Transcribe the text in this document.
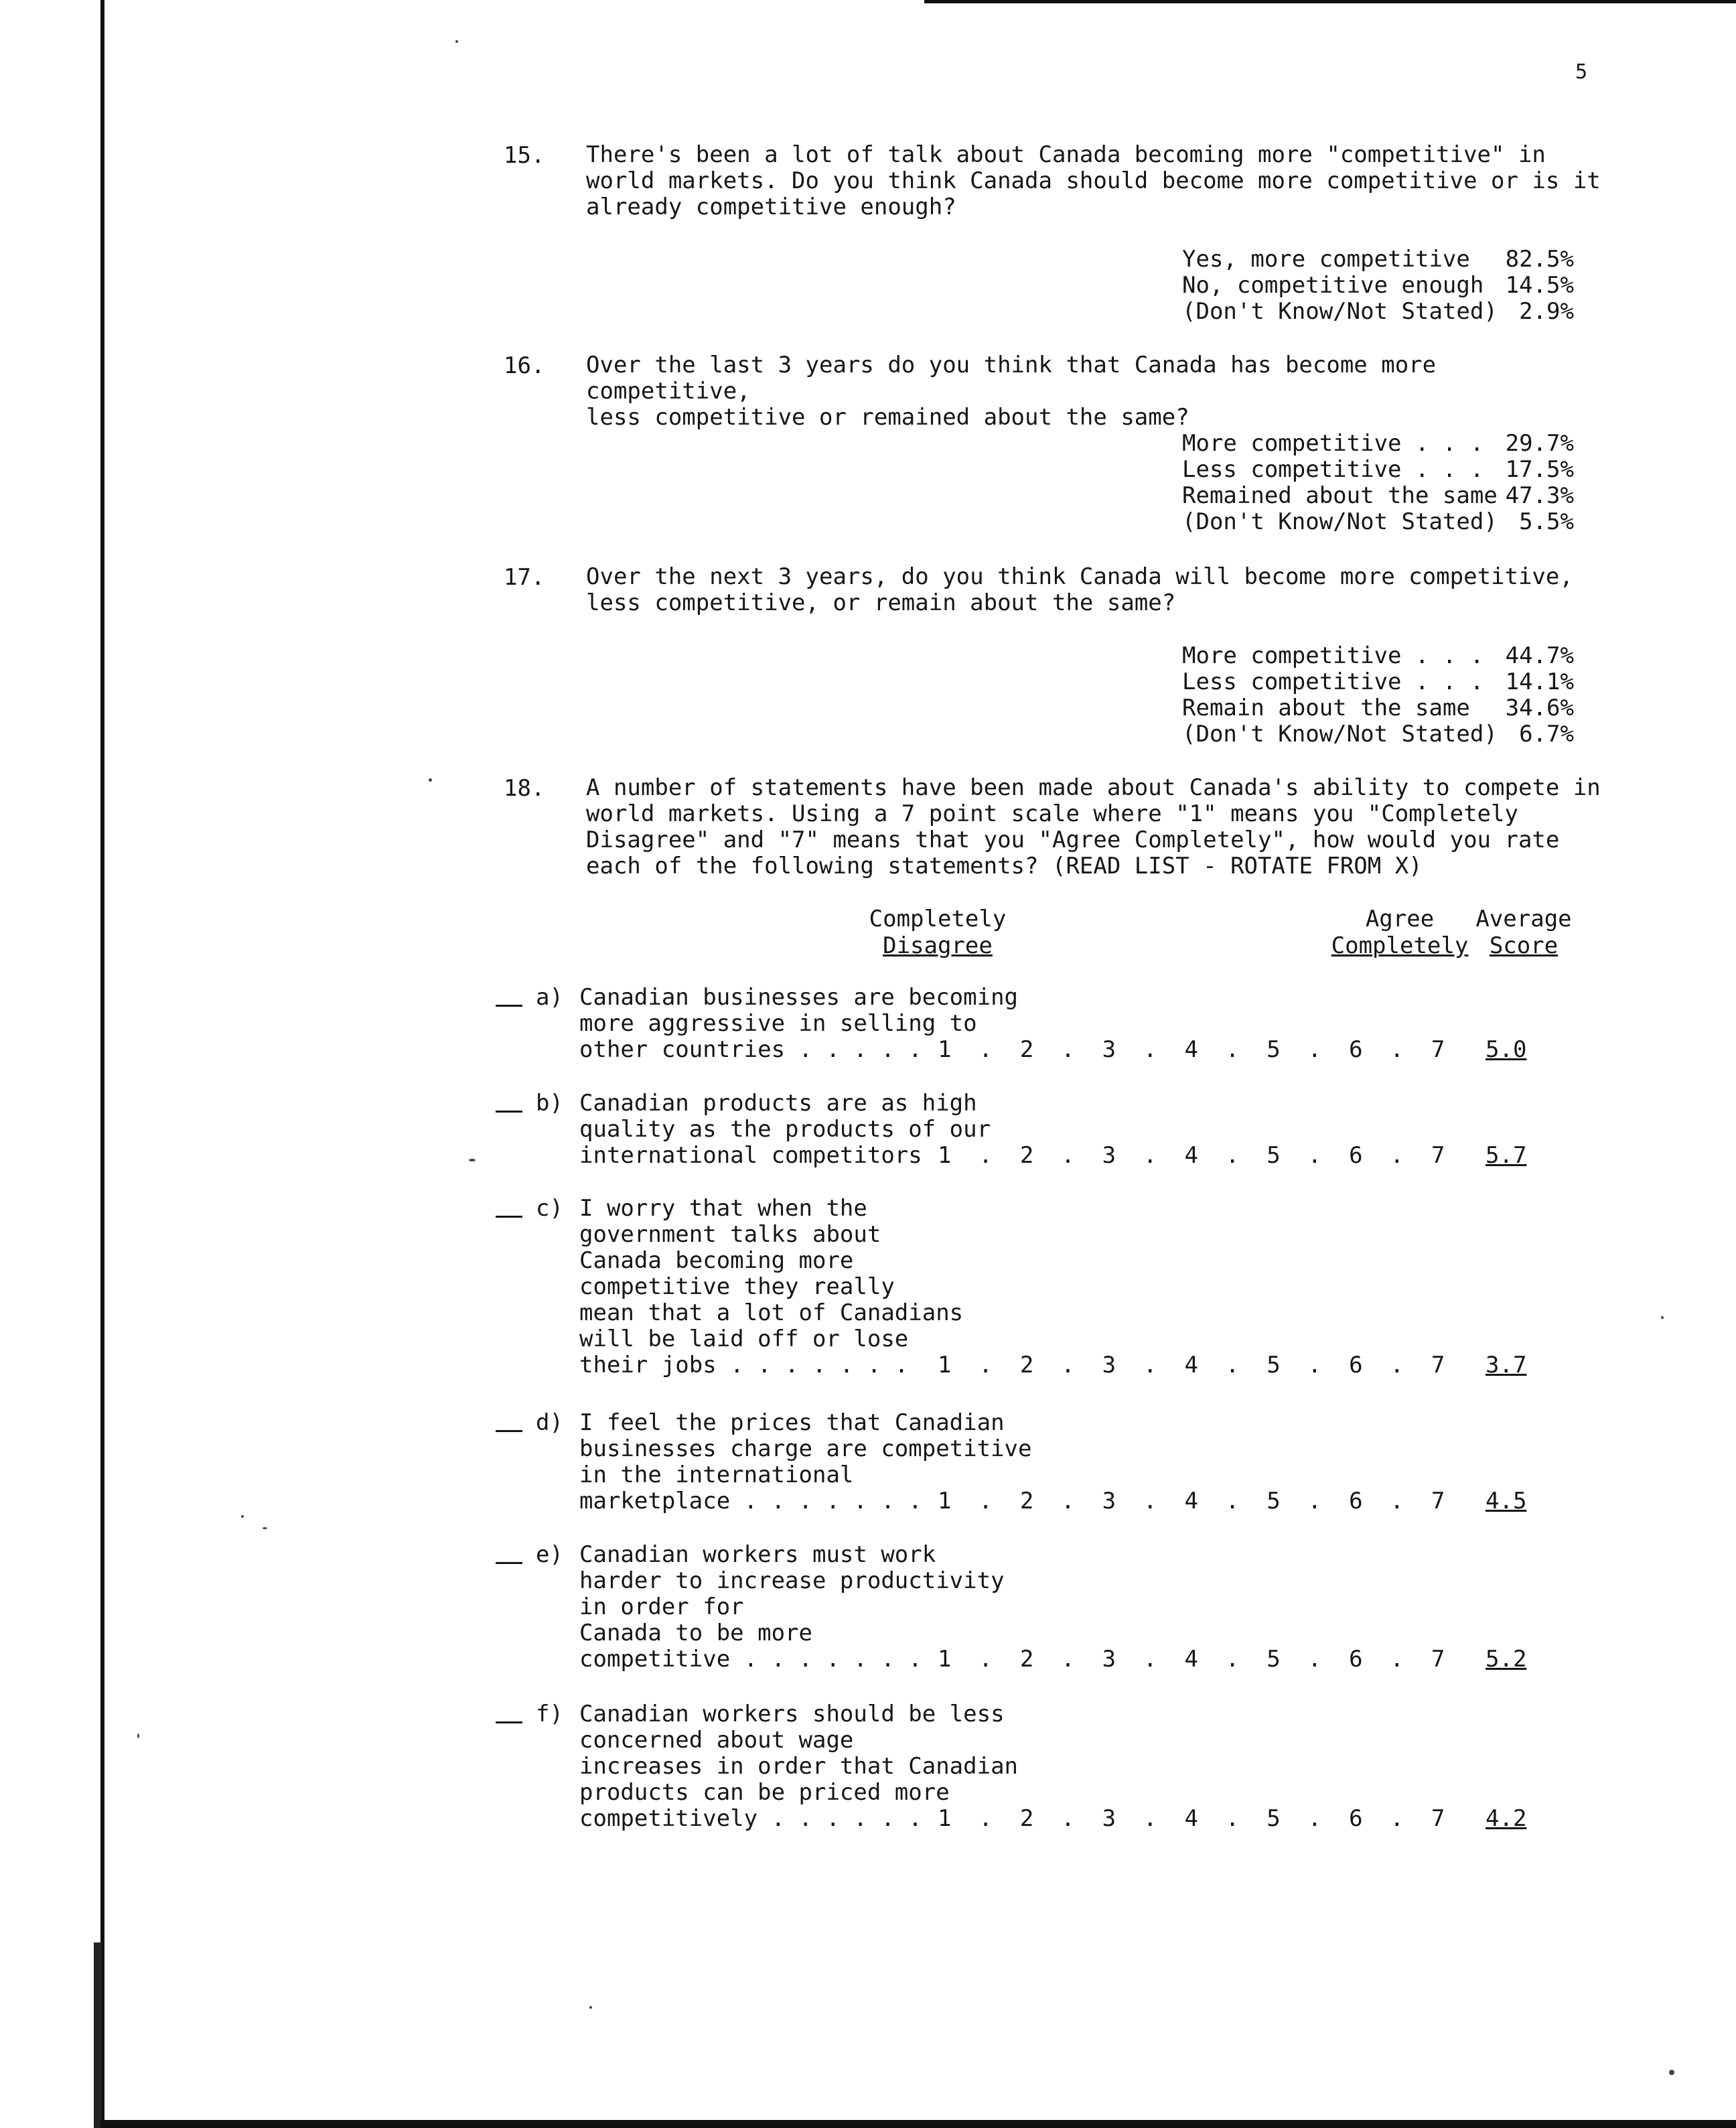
5
15. There's been a lot of talk about Canada becoming more "competitive" in
world markets. Do you think Canada should become more competitive or is it
already competitive enough?
Yes, more competitive 82.5%
No, competitive enough 14.5%
(Don't Know/Not Stated) 2.9%
16. Over the last 3 years do you think that Canada has become more competitive,
less competitive or remained about the same?
More competitive . . . 29.7%
Less competitive . . . 17.5%
Remained about the same 47.3%
(Don't Know/Not Stated) 5.5%
17. Over the next 3 years, do you think Canada will become more competitive,
less competitive, or remain about the same?
More competitive . . . 44.7%
Less competitive . . . 14.1%
Remain about the same 34.6%
(Don't Know/Not Stated) 6.7%
18. A number of statements have been made about Canada's ability to compete in
world markets. Using a 7 point scale where "1" means you "Completely
Disagree" and "7" means that you "Agree Completely", how would you rate
each of the following statements? (READ LIST - ROTATE FROM X)
Completely
Disagree
Agree
Completely
Average
Score
a) Canadian businesses are becoming
more aggressive in selling to
other countries . . . . . 1  .  2  .  3  .  4  .  5  .  6  .  7 5.0
b) Canadian products are as high
quality as the products of our
international competitors 1  .  2  .  3  .  4  .  5  .  6  .  7 5.7
c) I worry that when the
government talks about
Canada becoming more
competitive they really
mean that a lot of Canadians
will be laid off or lose
their jobs . . . . . . .	1  .  2  .  3  .  4  .  5  .  6  .  7 3.7
d) I feel the prices that Canadian
businesses charge are competitive
in the international
marketplace . . . . . . . 1  .  2  .  3  .  4  .  5  .  6  .  7 4.5
e) Canadian workers must work
harder to increase productivity
in order for
Canada to be more
competitive . . . . . . . 1  .  2  .  3  .  4  .  5  .  6  .  7 5.2
f) Canadian workers should be less
concerned about wage
increases in order that Canadian
products can be priced more
competitively . . . . . . 1  .  2  .  3  .  4  .  5  .  6  .  7 4.2
